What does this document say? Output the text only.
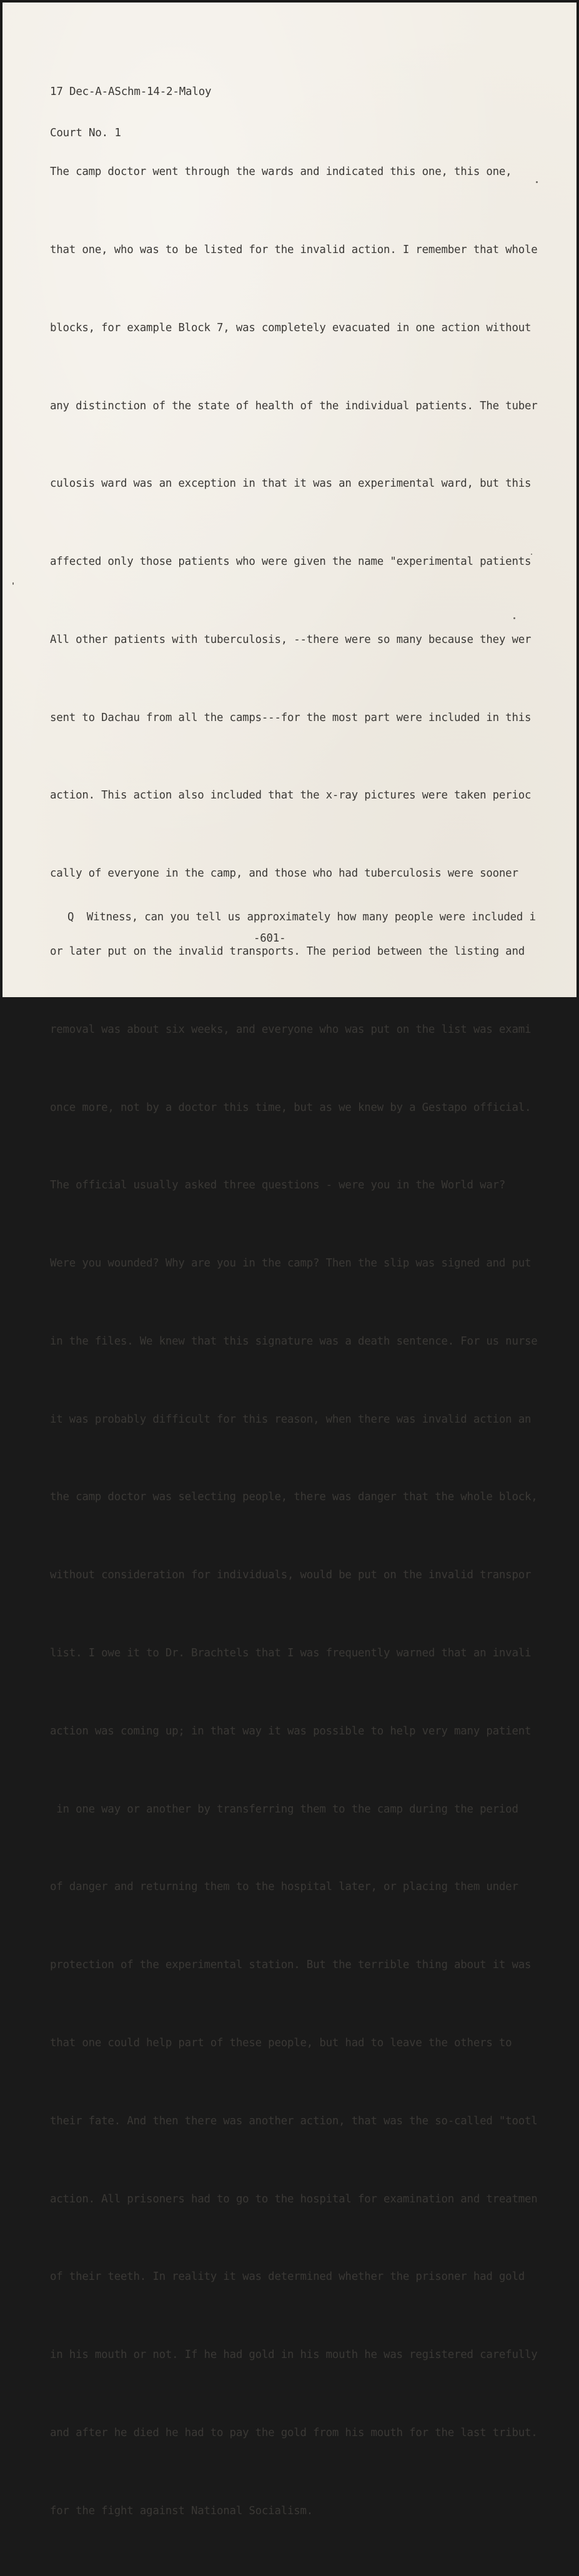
17 Dec-A-ASchm-14-2-Maloy

Court No. 1

The camp doctor went through the wards and indicated this one, this one,

that one, who was to be listed for the invalid action. I remember that whole

blocks, for example Block 7, was completely evacuated in one action without

any distinction of the state of health of the individual patients. The tuber

culosis ward was an exception in that it was an experimental ward, but this

affected only those patients who were given the name "experimental patients

All other patients with tuberculosis, --there were so many because they wer

sent to Dachau from all the camps---for the most part were included in this

action. This action also included that the x-ray pictures were taken perioc

cally of everyone in the camp, and those who had tuberculosis were sooner

or later put on the invalid transports. The period between the listing and

removal was about six weeks, and everyone who was put on the list was exami

once more, not by a doctor this time, but as we knew by a Gestapo official.

The official usually asked three questions - were you in the World war?

Were you wounded? Why are you in the camp? Then the slip was signed and put

in the files. We knew that this signature was a death sentence. For us nurse

it was probably difficult for this reason, when there was invalid action an

the camp doctor was selecting people, there was danger that the whole block,

without consideration for individuals, would be put on the invalid transpor

list. I owe it to Dr. Brachtels that I was frequently warned that an invali

action was coming up; in that way it was possible to help very many patient

in one way or another by transferring them to the camp during the period

of danger and returning them to the hospital later, or placing them under

protection of the experimental station. But the terrible thing about it was

that one could help part of these people, but had to leave the others to

their fate. And then there was another action, that was the so-called "tootl

action. All prisoners had to go to the hospital for examination and treatmen

of their teeth. In reality it was determined whether the prisoner had gold

in his mouth or not. If he had gold in his mouth he was registered carefully

and after he died he had to pay the gold from his mouth for the last tribut.

for the fight against National Socialism.

Q  Witness, can you tell us approximately how many people were included i
-601-
